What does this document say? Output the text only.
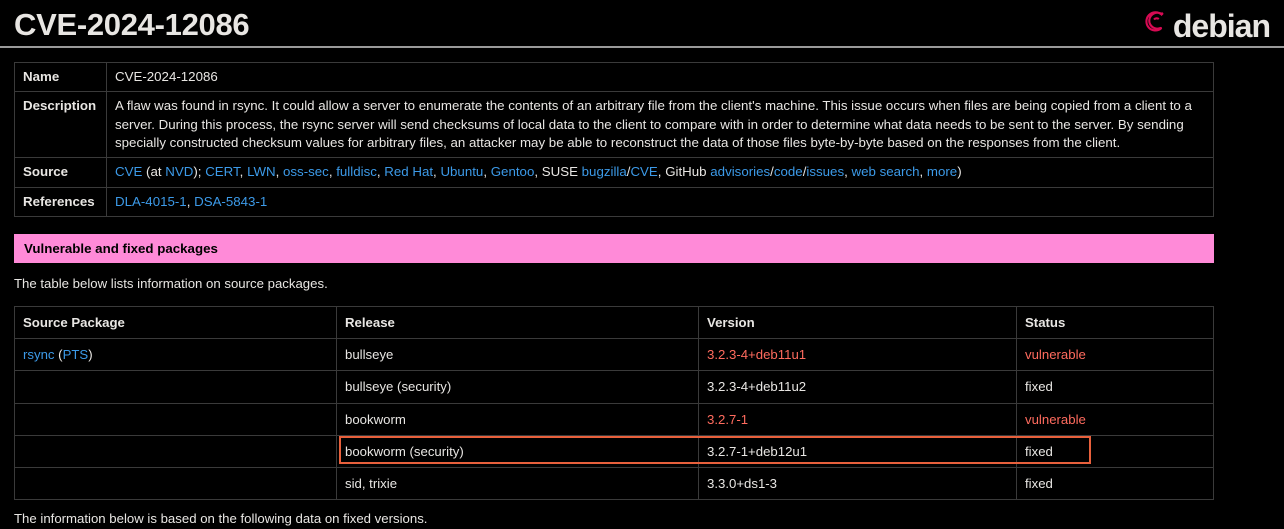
CVE-2024-12086	debian
Name	CVE-2024-12086
Description	A flaw was found in rsync. It could allow a server to enumerate the contents of an arbitrary file from the client's machine. This issue occurs when files are being copied from a client to a server. During this process, the rsync server will send checksums of local data to the client to compare with in order to determine what data needs to be sent to the server. By sending specially constructed checksum values for arbitrary files, an attacker may be able to reconstruct the data of those files byte-by-byte based on the responses from the client.
Source	CVE (at NVD); CERT, LWN, oss-sec, fulldisc, Red Hat, Ubuntu, Gentoo, SUSE bugzilla/CVE, GitHub advisories/code/issues, web search, more)
References	DLA-4015-1, DSA-5843-1
Vulnerable and fixed packages
The table below lists information on source packages.
Source Package	Release	Version	Status
rsync (PTS)	bullseye	3.2.3-4+deb11u1	vulnerable
	bullseye (security)	3.2.3-4+deb11u2	fixed
	bookworm	3.2.7-1	vulnerable

	bookworm (security)	3.2.7-1+deb12u1	fixed
	sid, trixie	3.3.0+ds1-3	fixed
The information below is based on the following data on fixed versions.
